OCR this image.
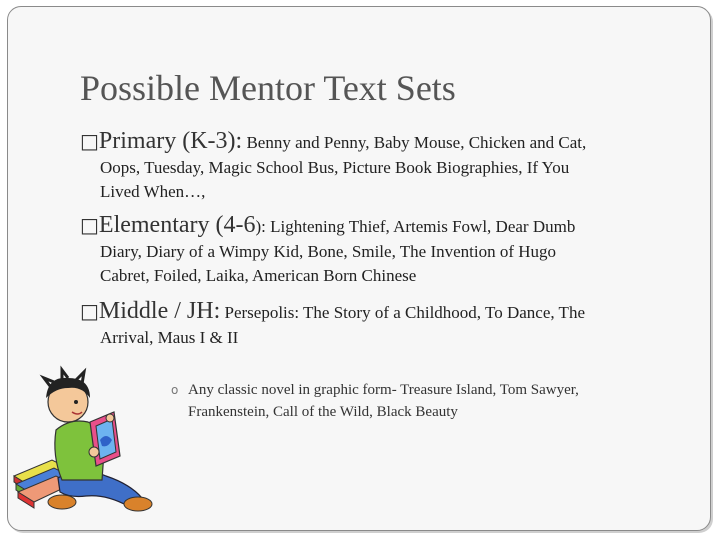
Possible Mentor Text Sets
□Primary (K-3): Benny and Penny, Baby Mouse, Chicken and Cat,
Oops, Tuesday, Magic School Bus, Picture Book Biographies, If You
Lived When…,
□Elementary (4-6): Lightening Thief, Artemis Fowl, Dear Dumb
Diary, Diary of a Wimpy Kid, Bone, Smile, The Invention of Hugo
Cabret, Foiled, Laika, American Born Chinese
□Middle / JH: Persepolis: The Story of a Childhood, To Dance, The
Arrival, Maus I & II
o Any classic novel in graphic form- Treasure Island, Tom Sawyer,
Frankenstein, Call of the Wild, Black Beauty
